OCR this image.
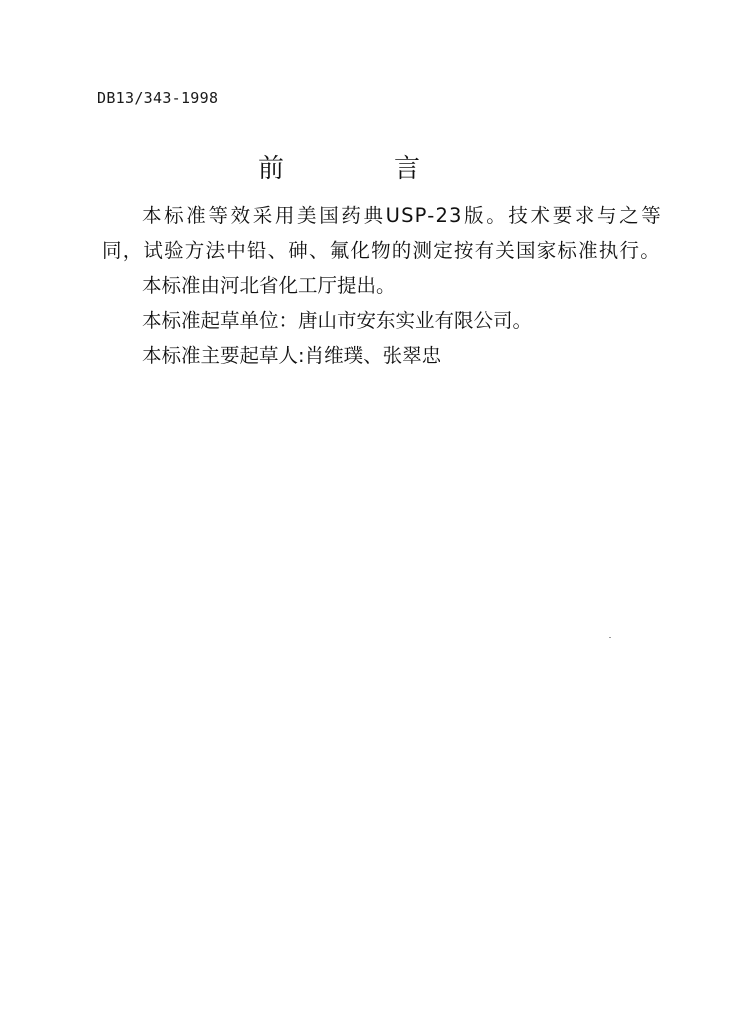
DB13/343-1998
前	言

本标准等效采用美国药典USP-23版。技术要求与之等同，试验方法中铅、砷、氟化物的测定按有关国家标准执行。

本标准由河北省化工厅提出。

本标准起草单位：唐山市安东实业有限公司。

本标准主要起草人:肖维璞、张翠忠
